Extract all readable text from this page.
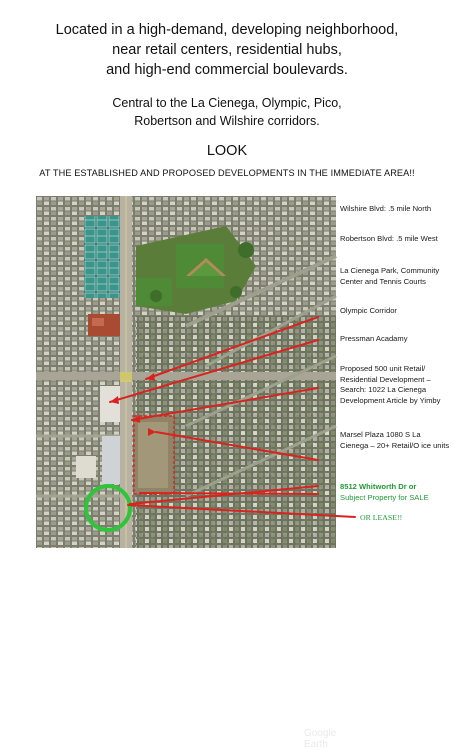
Located in a high-demand, developing neighborhood,
near retail centers, residential hubs,
and high-end commercial boulevards.
Central to the La Cienega, Olympic, Pico,
Robertson and Wilshire corridors.
LOOK
AT THE ESTABLISHED AND PROPOSED DEVELOPMENTS IN THE IMMEDIATE AREA!!
Google Earth
Wilshire Blvd: .5 mile North
Robertson Blvd: .5 mile West
La Cienega Park, Community Center and Tennis Courts
Olympic Corridor
Pressman Acadamy
Proposed 500 unit Retail/ Residential Development – Search: 1022 La Cienega Development Article by Yimby
Marsel Plaza 1080 S La Cienega – 20+ Retail/O ice units
8512 Whitworth Dr or
Subject Property for SALE
OR LEASE!!
